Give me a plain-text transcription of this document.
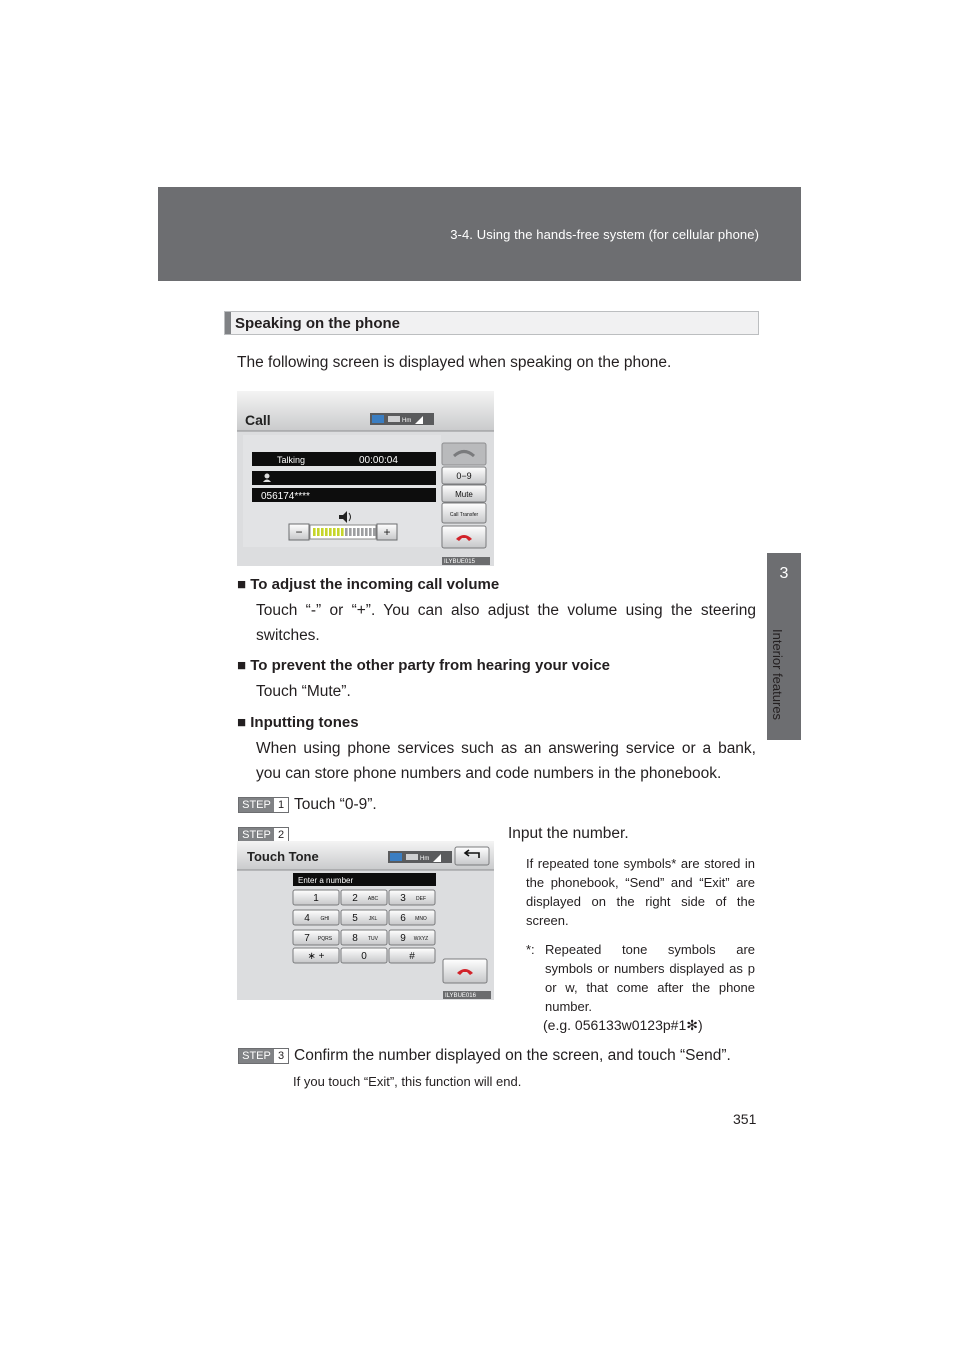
3-4. Using the hands-free system (for cellular phone)
3
Interior features
Speaking on the phone
The following screen is displayed when speaking on the phone.
Call	Hm
Talking	00:00:04
056174****
−	+
0−9
Mute
Call Transfer
ILYBUE015
■ To adjust the incoming call volume
Touch “-” or “+”. You can also adjust the volume using the steering switches.
■ To prevent the other party from hearing your voice
Touch “Mute”.
■ Inputting tones
When using phone services such as an answering service or a bank, you can store phone numbers and code numbers in the phonebook.
STEP 1 Touch “0-9”.
STEP 2	Input the number.
Touch Tone	Hm
Enter a number
1	2 ABC 3 DEF
4 GHI 5 JKL 6 MNO
7 PQRS 8 TUV 9 WXYZ
∗ +	0	#
ILYBUE016
If repeated tone symbols* are stored in the phonebook, “Send” and “Exit” are displayed on the right side of the screen.
*: Repeated tone symbols are symbols or numbers displayed as p or w, that come after the phone number.
(e.g. 056133w0123p#1✻)
STEP 3 Confirm the number displayed on the screen, and touch “Send”.
If you touch “Exit”, this function will end.
351
